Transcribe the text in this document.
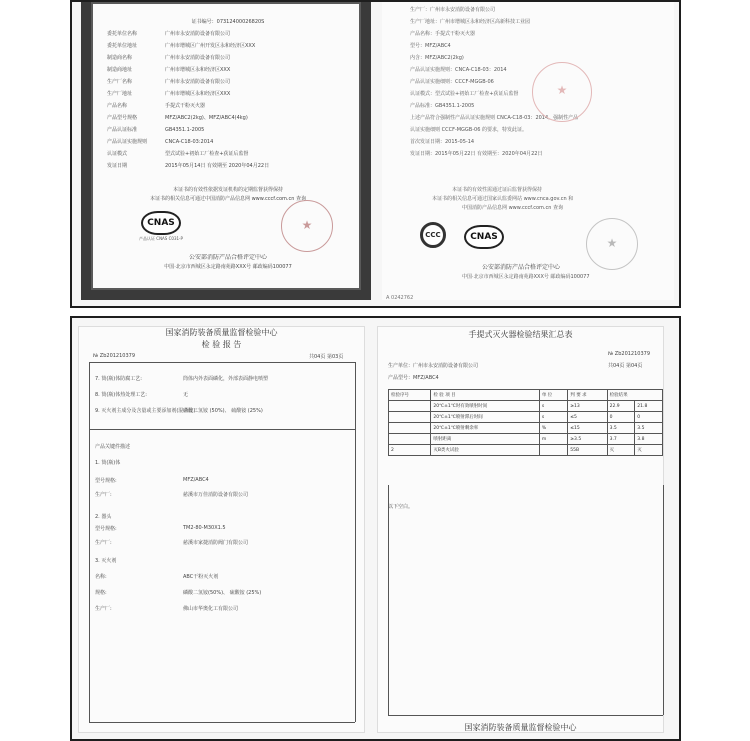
证书编号：07312400026820S
委托单位名称	广州市永安消防设备有限公司
委托单位地址	广州市增城区广州开发区永和经济区XXX
制造商名称	广州市永安消防设备有限公司
制造商地址	广州市增城区永和经济区XXX
生产厂名称	广州市永安消防设备有限公司
生产厂地址	广州市增城区永和经济区XXX
产品名称	手提式干粉灭火器
产品型号规格	MFZ/ABC2(2kg)、MFZ/ABC4(4kg)
产品认证标准	GB4351.1-2005
产品认证实施规则	CNCA-C18-03:2014
认证模式	型式试验+初始工厂检查+获证后监督
发证日期	2015年05月14日 有效期至 2020年04月22日
本证书的有效性依据发证机构的定期监督获得保持
本证书的相关信息可通过中国消防产品信息网 www.cccf.com.cn 查询
CNAS
产品认证 CNAS C031-P
★
公安部消防产品合格评定中心
中国·北京市西城区永定路南苑路XXX号 邮政编码100077
生产厂：广州市永安消防设备有限公司
生产厂地址：广州市增城区永和经济区高新科技工业园
产品名称：手提式干粉灭火器
型号：MFZ/ABC4
内含：MFZ/ABC2(2kg)
产品认证实施规则：CNCA-C18-03：2014
产品认证实施细则：CCCF-MGGB-06
认证模式：型式试验+初始工厂检查+获证后监督
产品标准：GB4351.1-2005
上述产品符合强制性产品认证实施规则 CNCA-C18-03：2014，强制性产品
认证实施细则 CCCF-MGGB-06 的要求，特发此证。
首次发证日期：2015-05-14
发证日期：2015年05月22日 有效期至：2020年04月22日
★
本证书的有效性需通过证后监督获得保持
本证书的相关信息可通过国家认监委网站 www.cnca.gov.cn 和
中国消防产品信息网 www.cccf.com.cn 查询
CCC	CNAS	★
公安部消防产品合格评定中心
中国·北京市西城区永定路南苑路XXX号 邮政编码100077
A 0242762
国家消防装备质量监督检验中心
检 验 报 告
№ Zb201210379	共04页 第03页
7. 筒(瓶)体防腐工艺:	筒体内外表面磷化，外部表面静电喷塑
8. 筒(瓶)体热处理工艺:	无
9. 灭火剂主成分及含量或主要添加剂(混合比):
磷酸二氢铵 (50%)、 硫酸铵 (25%)
产品关键件描述
1. 筒(瓶)体
型号规格:	MFZ/ABC4
生产厂:	慈溪市万佳消防设备有限公司
2. 器头
型号规格:	TM2-80-M30X1.5
生产厂:	慈溪市家捷消防阀门有限公司
3. 灭火剂
名称:	ABC干粉灭火剂
规格:	磷酸二氢铵(50%)、 硫酸铵 (25%)
生产厂:	佛山市华奥化工有限公司
手提式灭火器检验结果汇总表
№ Zb201210379
生产单位：广州市永安消防设备有限公司	共04页 第04页
产品型号：MFZ/ABC4
检验序号	检 验 项 目	单 位	判 要 求	检验结果	
	20℃±1℃时有效喷射时间	s	≥13	22.9	21.8
	20℃±1℃喷射滞后时间	s	≤5	0	0
	20℃±1℃喷射剩余率	%	≤15	3.5	3.5
	喷射距离	m	≥3.5	3.7	3.8
2	灭B类火试验		55B	灭	灭
以下空白。
国家消防装备质量监督检验中心
